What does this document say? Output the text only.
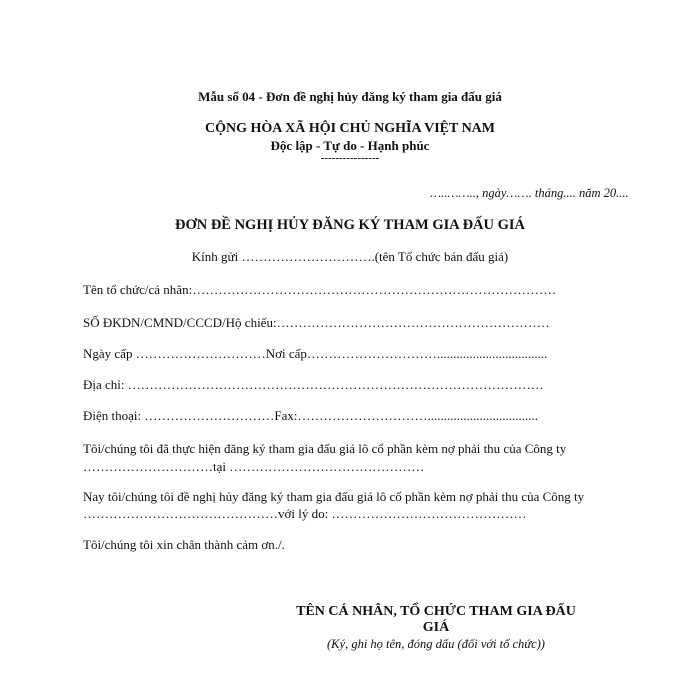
Mẫu số 04 - Đơn đề nghị hủy đăng ký tham gia đấu giá
CỘNG HÒA XÃ HỘI CHỦ NGHĨA VIỆT NAM
Độc lập - Tự do - Hạnh phúc
----------------
…..…….., ngày……. tháng.... năm 20....
ĐƠN ĐỀ NGHỊ HỦY ĐĂNG KÝ THAM GIA ĐẤU GIÁ
Kính gửi ………………………….(tên Tổ chức bán đấu giá)
Tên tổ chức/cá nhân:…………………………………………………………………………
SỐ ĐKDN/CMND/CCCD/Hộ chiếu:………………………………………………………
Ngày cấp …………………………Nơi cấp…………………………..................................
Địa chỉ: ……………………………………………………………………………………
Điện thoại: …………………………Fax:…………………………..................................
Tôi/chúng tôi đã thực hiện đăng ký tham gia đấu giá lô cổ phần kèm nợ phải thu của Công ty
…………………………tại ………………………………………
Nay tôi/chúng tôi đề nghị hủy đăng ký tham gia đấu giá lô cổ phần kèm nợ phải thu của Công ty
………………………………………với lý do: ………………………………………
Tôi/chúng tôi xin chân thành cảm ơn./.
TÊN CÁ NHÂN, TỔ CHỨC THAM GIA ĐẤU GIÁ
(Ký, ghi họ tên, đóng dấu (đối với tổ chức))
